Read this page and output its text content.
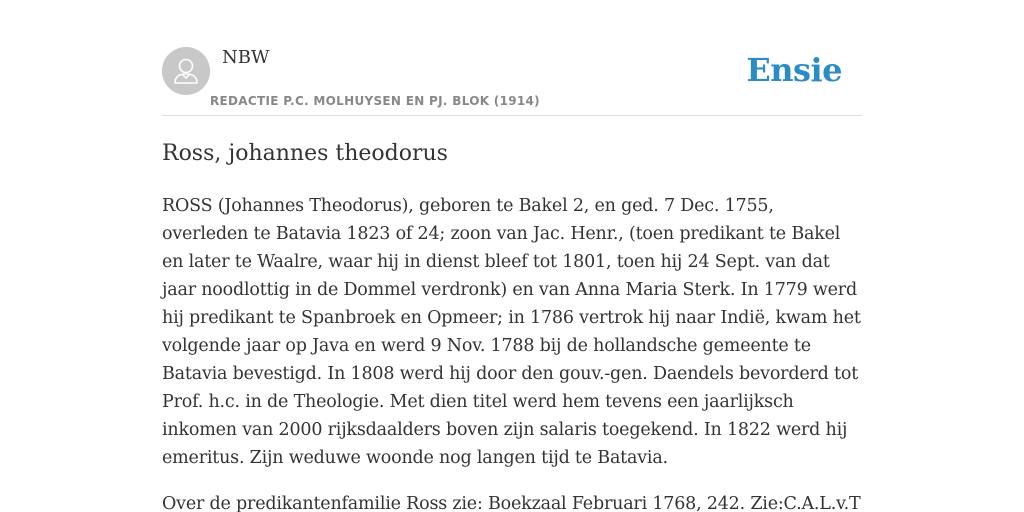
NBW
REDACTIE P.C. MOLHUYSEN EN PJ. BLOK (1914)
Ensie
Ross, johannes theodorus

ROSS (Johannes Theodorus), geboren te Bakel 2, en ged. 7 Dec. 1755, overleden te Batavia 1823 of 24; zoon van Jac. Henr., (toen predikant te Bakel en later te Waalre, waar hij in dienst bleef tot 1801, toen hij 24 Sept. van dat jaar noodlottig in de Dommel verdronk) en van Anna Maria Sterk. In 1779 werd hij predikant te Spanbroek en Opmeer; in 1786 vertrok hij naar Indië, kwam het volgende jaar op Java en werd 9 Nov. 1788 bij de hollandsche gemeente te Batavia bevestigd. In 1808 werd hij door den gouv.-gen. Daendels bevorderd tot Prof. h.c. in de Theologie. Met dien titel werd hem tevens een jaarlijksch inkomen van 2000 rijksdaalders boven zijn salaris toegekend. In 1822 werd hij emeritus. Zijn weduwe woonde nog langen tijd te Batavia.

Over de predikantenfamilie Ross zie: Boekzaal Februari 1768, 242. Zie:C.A.L.v.T
